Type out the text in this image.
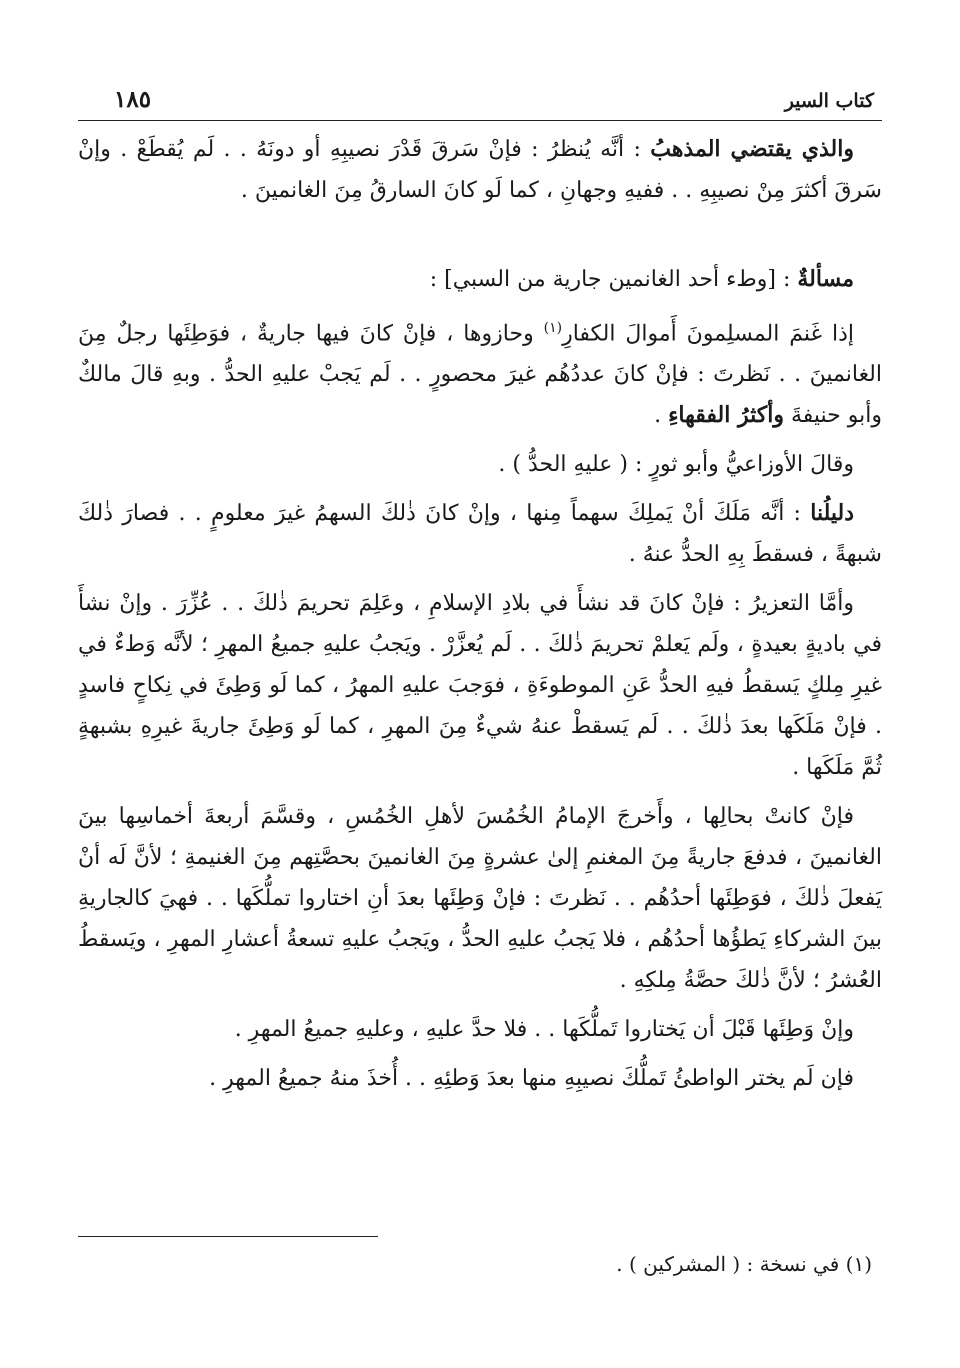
كتاب السير
١٨٥

والذي يقتضي المذهبُ : أنَّه يُنظرُ : فإنْ سَرقَ قَدْرَ نصيبِهِ أو دونَهُ . . لَم يُقطَعْ . وإنْ سَرقَ أكثرَ مِنْ نصيبِهِ . . ففيهِ وجهانِ ، كما لَو كانَ السارقُ مِنَ الغانمينَ .

مسألةٌ : [وطء أحد الغانمين جارية من السبي] :

إذا غَنمَ المسلِمونَ أَموالَ الكفارِ$^{(١)}$ وحازوها ، فإنْ كانَ فيها جاريةٌ ، فوَطِئَها رجلٌ مِنَ الغانمينَ . . نَظرتَ : فإنْ كانَ عددُهُم غيرَ محصورٍ . . لَم يَجبْ عليهِ الحدُّ . وبهِ قالَ مالكٌ وأبو حنيفةَ وأكثرُ الفقهاءِ .

وقالَ الأوزاعيُّ وأبو ثورٍ : ( عليهِ الحدُّ ) .

دليلُنا : أنَّه مَلَكَ أنْ يَملِكَ سهماً مِنها ، وإنْ كانَ ذٰلكَ السهمُ غيرَ معلومٍ . . فصارَ ذٰلكَ شبهةً ، فسقطَ بِهِ الحدُّ عنهُ .

وأمَّا التعزيرُ : فإنْ كانَ قد نشأَ في بلادِ الإسلامِ ، وعَلِمَ تحريمَ ذٰلكَ . . عُزِّرَ . وإنْ نشأَ في باديةٍ بعيدةٍ ، ولَم يَعلمْ تحريمَ ذٰلكَ . . لَم يُعزَّرْ . ويَجبُ عليهِ جميعُ المهرِ ؛ لأنَّه وَطءٌ في غيرِ مِلكٍ يَسقطُ فيهِ الحدُّ عَنِ الموطوءَةِ ، فوَجبَ عليهِ المهرُ ، كما لَو وَطِئَ في نِكاحٍ فاسدٍ . فإنْ مَلَكَها بعدَ ذٰلكَ . . لَم يَسقطْ عنهُ شيءٌ مِنَ المهرِ ، كما لَو وَطِئَ جاريةَ غيرِهِ بشبهةٍ ثُمَّ مَلَكَها .

فإنْ كانتْ بحالِها ، وأَخرجَ الإمامُ الخُمُسَ لأهلِ الخُمُسِ ، وقسَّمَ أربعةَ أخماسِها بينَ الغانمينَ ، فدفعَ جاريةً مِنَ المغنمِ إلىٰ عشرةٍ مِنَ الغانمينَ بحصَّتِهم مِنَ الغنيمةِ ؛ لأنَّ لَه أنْ يَفعلَ ذٰلكَ ، فوَطِئَها أحدُهُم . . نَظرتَ : فإنْ وَطِئَها بعدَ أنِ اختاروا تملُّكَها . . فهيَ كالجاريةِ بينَ الشركاءِ يَطؤُها أحدُهُم ، فلا يَجبُ عليهِ الحدُّ ، ويَجبُ عليهِ تسعةُ أعشارِ المهرِ ، ويَسقطُ العُشرُ ؛ لأنَّ ذٰلكَ حصَّةُ مِلكِهِ .

وإنْ وَطِئَها قَبْلَ أن يَختاروا تَملُّكَها . . فلا حدَّ عليهِ ، وعليهِ جميعُ المهرِ .

فإن لَم يختر الواطئُ تَملُّكَ نصيبِهِ منها بعدَ وَطئِهِ . . أُخذَ منهُ جميعُ المهرِ .

(١) في نسخة : ( المشركين ) .
